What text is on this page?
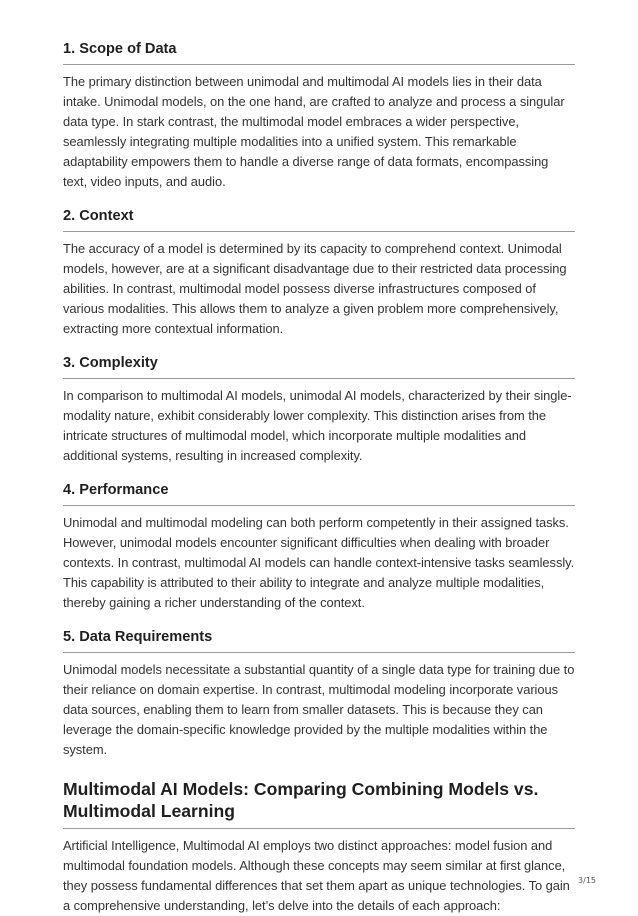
1. Scope of Data

The primary distinction between unimodal and multimodal AI models lies in their data intake. Unimodal models, on the one hand, are crafted to analyze and process a singular data type. In stark contrast, the multimodal model embraces a wider perspective, seamlessly integrating multiple modalities into a unified system. This remarkable adaptability empowers them to handle a diverse range of data formats, encompassing text, video inputs, and audio.

2. Context

The accuracy of a model is determined by its capacity to comprehend context. Unimodal models, however, are at a significant disadvantage due to their restricted data processing abilities. In contrast, multimodal model possess diverse infrastructures composed of various modalities. This allows them to analyze a given problem more comprehensively, extracting more contextual information.

3. Complexity

In comparison to multimodal AI models, unimodal AI models, characterized by their single-modality nature, exhibit considerably lower complexity. This distinction arises from the intricate structures of multimodal model, which incorporate multiple modalities and additional systems, resulting in increased complexity.

4. Performance

Unimodal and multimodal modeling can both perform competently in their assigned tasks. However, unimodal models encounter significant difficulties when dealing with broader contexts. In contrast, multimodal AI models can handle context-intensive tasks seamlessly. This capability is attributed to their ability to integrate and analyze multiple modalities, thereby gaining a richer understanding of the context.

5. Data Requirements

Unimodal models necessitate a substantial quantity of a single data type for training due to their reliance on domain expertise. In contrast, multimodal modeling incorporate various data sources, enabling them to learn from smaller datasets. This is because they can leverage the domain-specific knowledge provided by the multiple modalities within the system.

Multimodal AI Models: Comparing Combining Models vs. Multimodal Learning

Artificial Intelligence, Multimodal AI employs two distinct approaches: model fusion and multimodal foundation models. Although these concepts may seem similar at first glance, they possess fundamental differences that set them apart as unique technologies. To gain a comprehensive understanding, let’s delve into the details of each approach:

3/15
